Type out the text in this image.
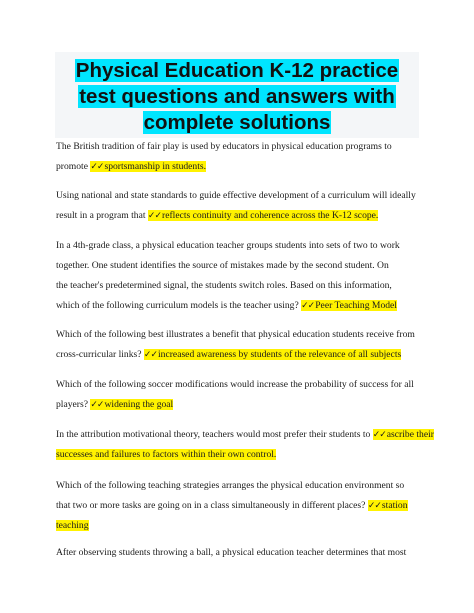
Physical Education K-12 practice test questions and answers with complete solutions

The British tradition of fair play is used by educators in physical education programs to
promote ✓✓sportsmanship in students.

Using national and state standards to guide effective development of a curriculum will ideally
result in a program that ✓✓reflects continuity and coherence across the K-12 scope.

In a 4th-grade class, a physical education teacher groups students into sets of two to work
together. One student identifies the source of mistakes made by the second student. On
the teacher's predetermined signal, the students switch roles. Based on this information,
which of the following curriculum models is the teacher using? ✓✓Peer Teaching Model

Which of the following best illustrates a benefit that physical education students receive from
cross-curricular links? ✓✓increased awareness by students of the relevance of all subjects

Which of the following soccer modifications would increase the probability of success for all
players? ✓✓widening the goal

In the attribution motivational theory, teachers would most prefer their students to ✓✓ascribe their
successes and failures to factors within their own control.

Which of the following teaching strategies arranges the physical education environment so
that two or more tasks are going on in a class simultaneously in different places? ✓✓station
teaching

After observing students throwing a ball, a physical education teacher determines that most
